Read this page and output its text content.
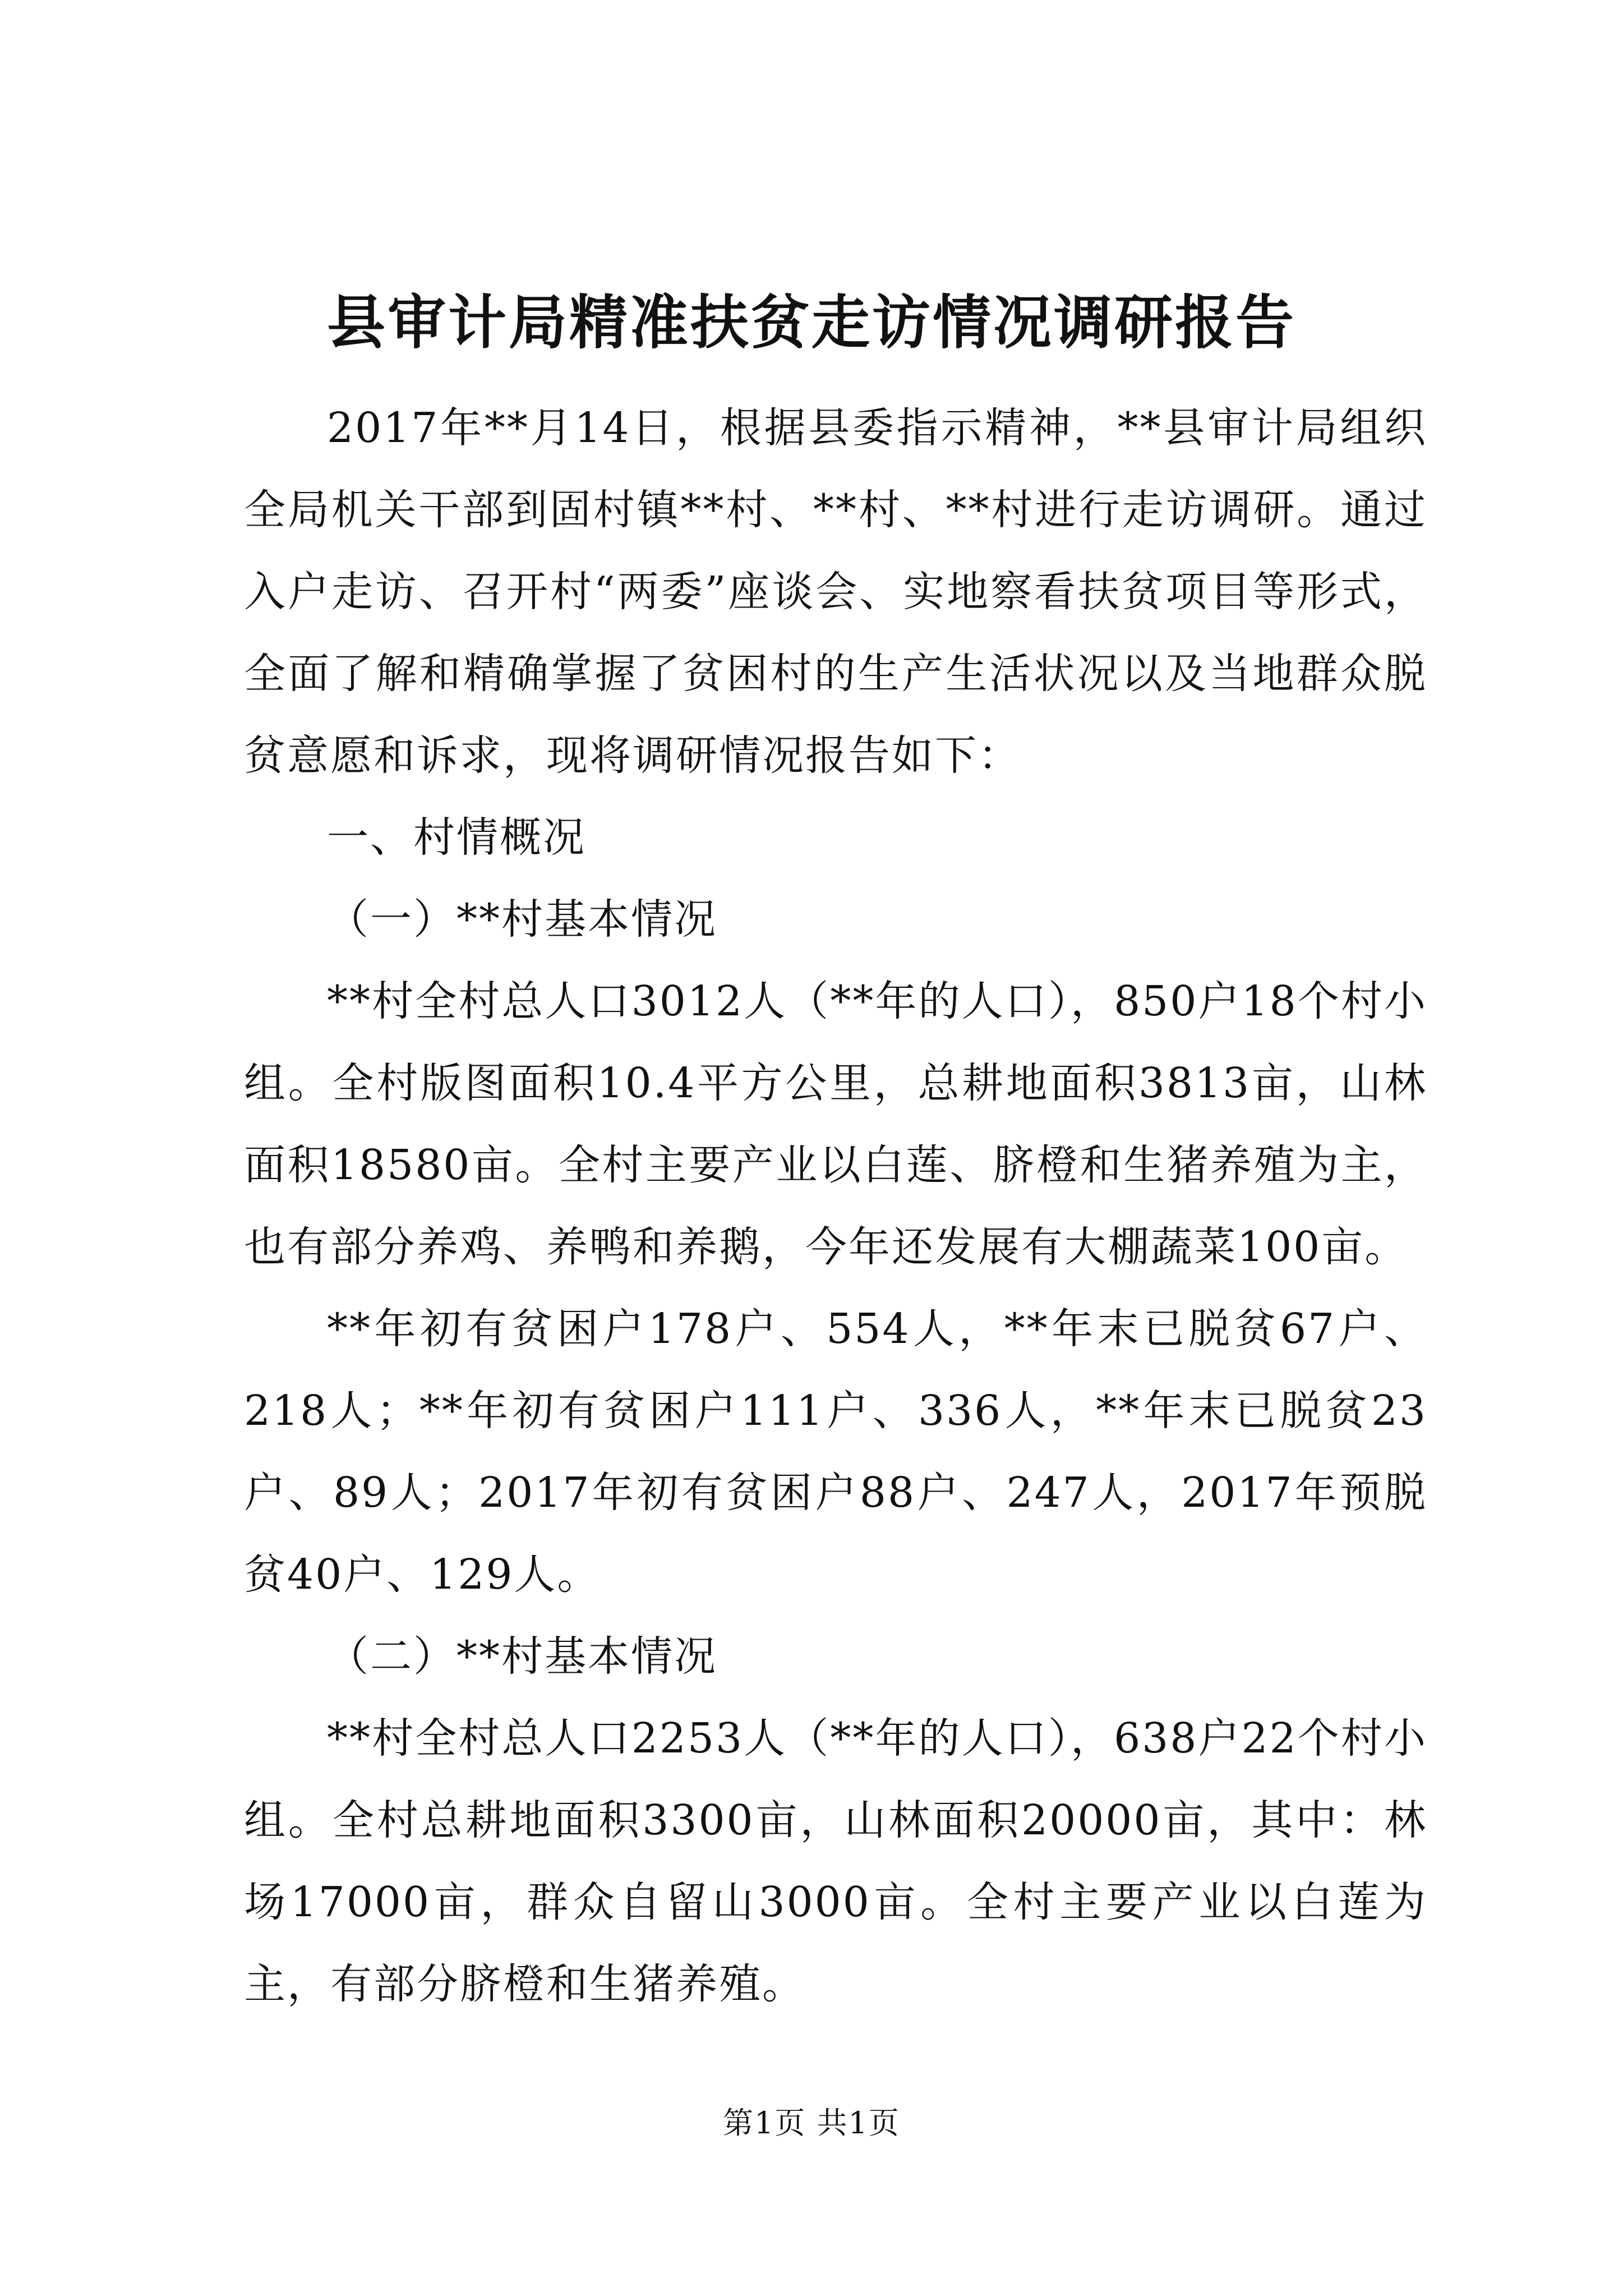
县审计局精准扶贫走访情况调研报告

2017年**月14日，根据县委指示精神，**县审计局组织全局机关干部到固村镇**村、**村、**村进行走访调研。通过入户走访、召开村“两委”座谈会、实地察看扶贫项目等形式，全面了解和精确掌握了贫困村的生产生活状况以及当地群众脱贫意愿和诉求，现将调研情况报告如下：

一、村情概况

（一）**村基本情况

**村全村总人口3012人（**年的人口），850户18个村小组。全村版图面积10.4平方公里，总耕地面积3813亩，山林面积18580亩。全村主要产业以白莲、脐橙和生猪养殖为主，也有部分养鸡、养鸭和养鹅，今年还发展有大棚蔬菜100亩。

**年初有贫困户178户、554人，**年末已脱贫67户、218人；**年初有贫困户111户、336人，**年末已脱贫23户、89人；2017年初有贫困户88户、247人，2017年预脱贫40户、129人。

（二）**村基本情况

**村全村总人口2253人（**年的人口），638户22个村小组。全村总耕地面积3300亩，山林面积20000亩，其中：林场17000亩，群众自留山3000亩。全村主要产业以白莲为主，有部分脐橙和生猪养殖。

第1页 共1页
